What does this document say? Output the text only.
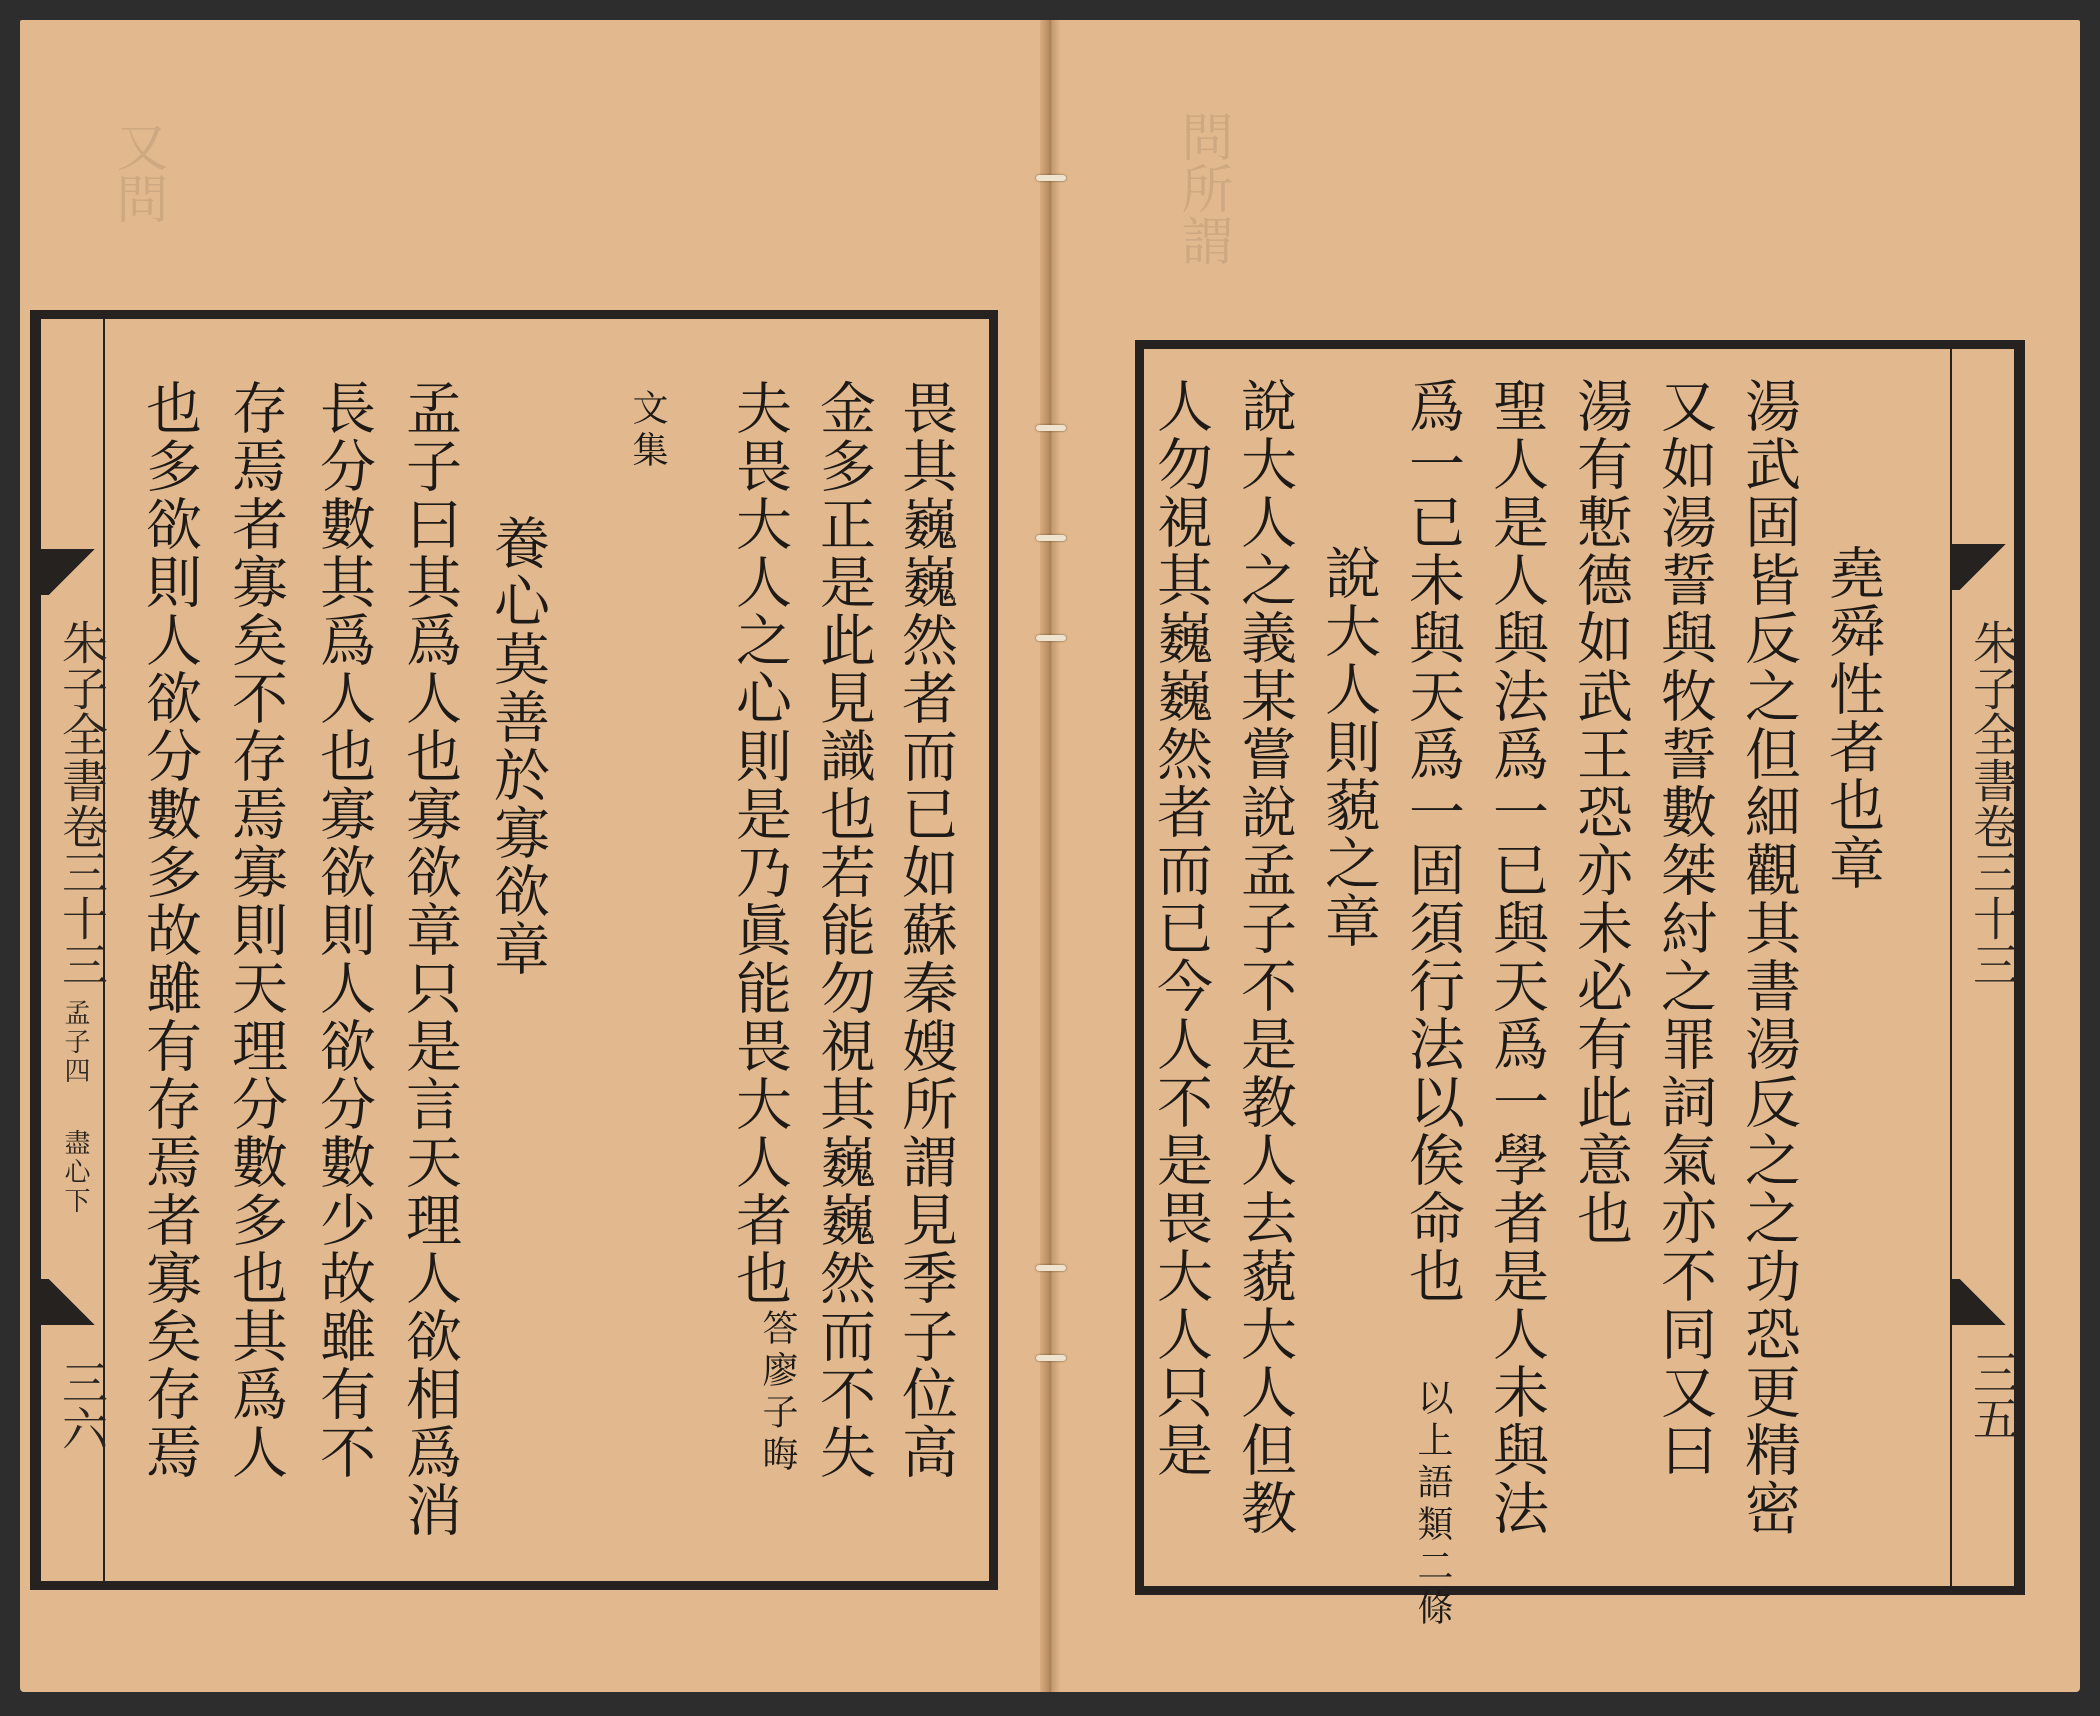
問所謂
又問
朱子全書卷三十三
孟子四
盡心下
三六	畏其巍巍然者而已如蘇秦嫂所謂見季子位高
金多正是此見識也若能勿視其巍巍然而不失
夫畏大人之心則是乃眞能畏大人者也
答廖子晦
文集
養心莫善於寡欲章
孟子曰其爲人也寡欲章只是言天理人欲相爲消
長分數其爲人也寡欲則人欲分數少故雖有不
存焉者寡矣不存焉寡則天理分數多也其爲人
也多欲則人欲分數多故雖有存焉者寡矣存焉	朱子全書卷三十三
三五
堯舜性者也章
湯武固皆反之但細觀其書湯反之之功恐更精密
又如湯誓與牧誓數桀紂之罪詞氣亦不同又曰
湯有慙德如武王恐亦未必有此意也
聖人是人與法爲一已與天爲一學者是人未與法
爲一已未與天爲一固須行法以俟命也
以上語類二條
說大人則藐之章
說大人之義某嘗說孟子不是教人去藐大人但教
人勿視其巍巍然者而已今人不是畏大人只是
